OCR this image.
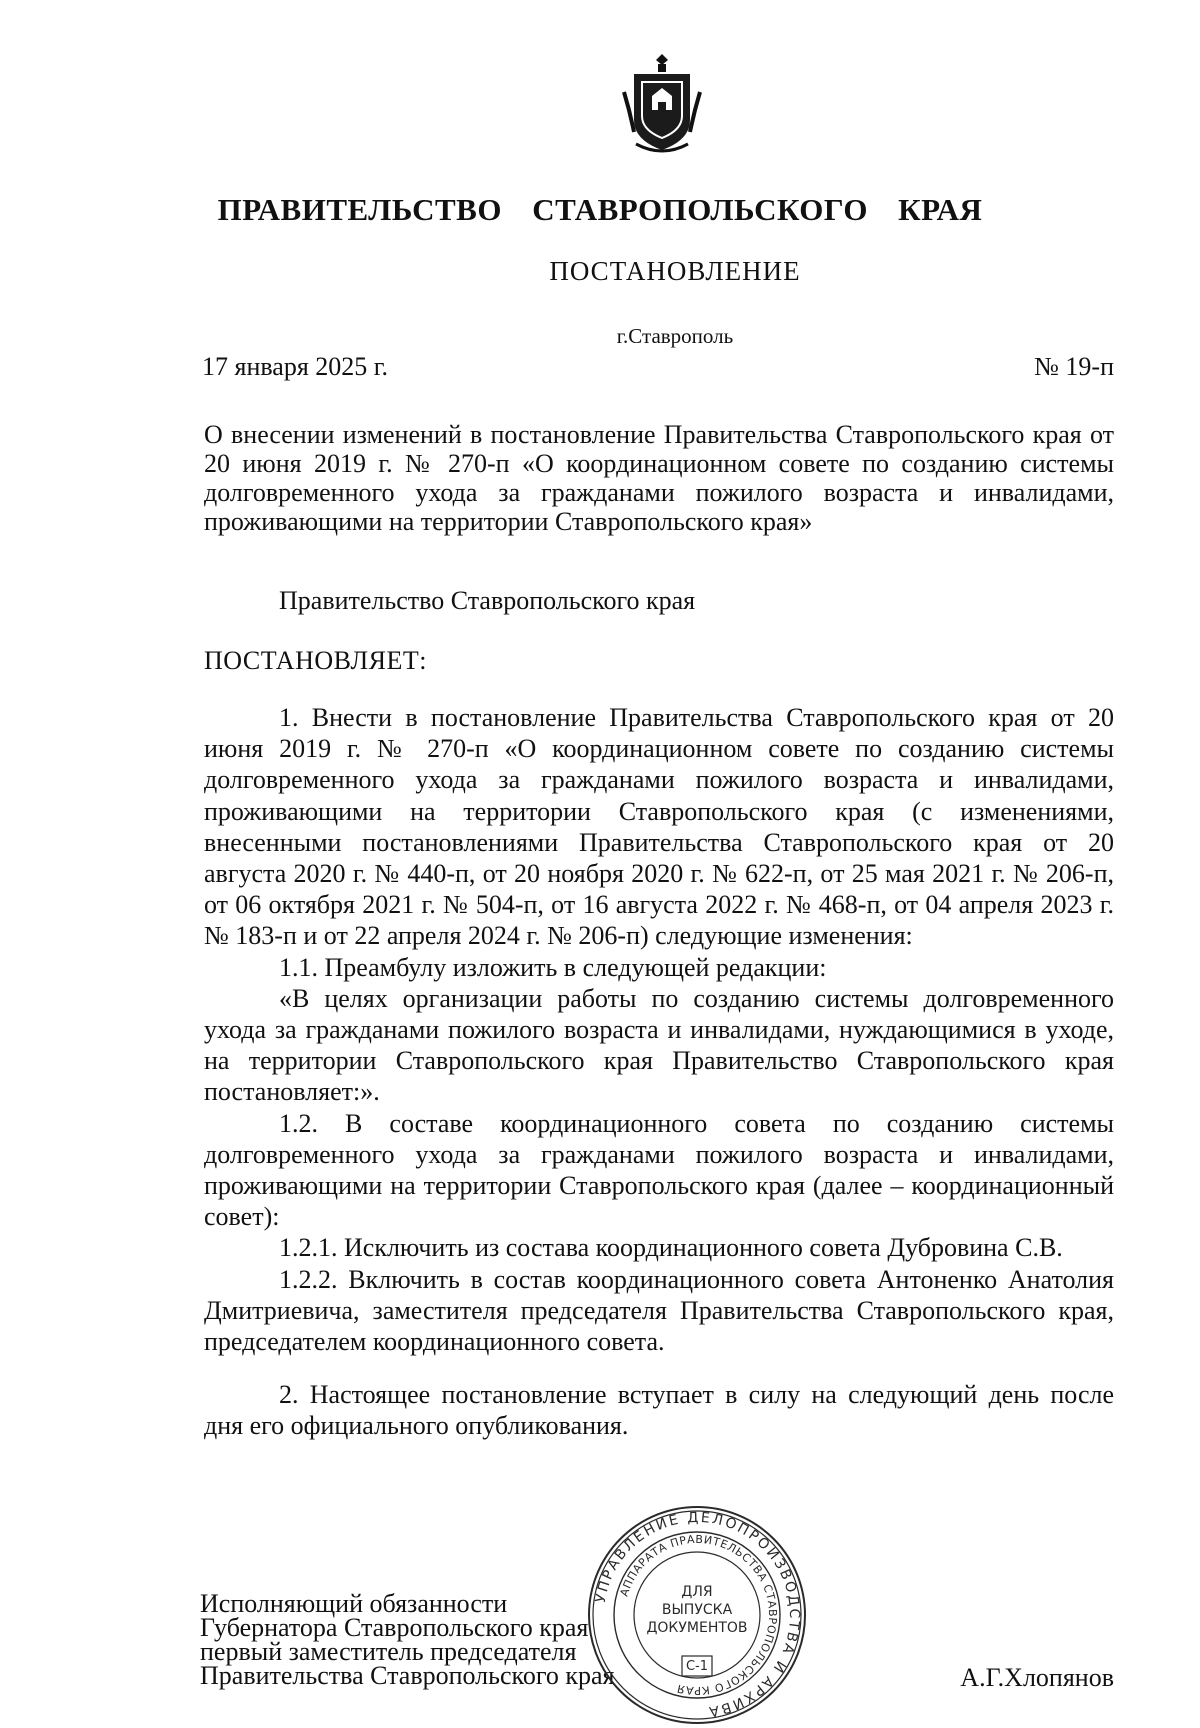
ПРАВИТЕЛЬСТВО СТАВРОПОЛЬСКОГО КРАЯ
ПОСТАНОВЛЕНИЕ
г.Ставрополь
17 января 2025 г.	№ 19-п
О внесении изменений в постановление Правительства Ставропольского края от 20 июня 2019 г. № 270-п «О координационном совете по созданию системы долговременного ухода за гражданами пожилого возраста и инвалидами, проживающими на территории Ставропольского края»
Правительство Ставропольского края
ПОСТАНОВЛЯЕТ:

1. Внести в постановление Правительства Ставропольского края от 20 июня 2019 г. № 270-п «О координационном совете по созданию системы долговременного ухода за гражданами пожилого возраста и инвалидами, проживающими на территории Ставропольского края (с изменениями, внесенными постановлениями Правительства Ставропольского края от 20 августа 2020 г. № 440-п, от 20 ноября 2020 г. № 622-п, от 25 мая 2021 г. № 206-п, от 06 октября 2021 г. № 504-п, от 16 августа 2022 г. № 468-п, от 04 апреля 2023 г. № 183-п и от 22 апреля 2024 г. № 206-п) следующие изменения:

1.1. Преамбулу изложить в следующей редакции:

«В целях организации работы по созданию системы долговременного ухода за гражданами пожилого возраста и инвалидами, нуждающимися в уходе, на территории Ставропольского края Правительство Ставропольского края постановляет:».

1.2. В составе координационного совета по созданию системы долговременного ухода за гражданами пожилого возраста и инвалидами, проживающими на территории Ставропольского края (далее – координационный совет):

1.2.1. Исключить из состава координационного совета Дубровина С.В.

1.2.2. Включить в состав координационного совета Антоненко Анатолия Дмитриевича, заместителя председателя Правительства Ставропольского края, председателем координационного совета.

2. Настоящее постановление вступает в силу на следующий день после дня его официального опубликования.

Исполняющий обязанности
Губернатора Ставропольского края
первый заместитель председателя
Правительства Ставропольского края	А.Г.Хлопянов
УПРАВЛЕНИЕ ДЕЛОПРОИЗВОДСТВА И АРХИВА
АППАРАТА ПРАВИТЕЛЬСТВА СТАВРОПОЛЬСКОГО КРАЯ
ДЛЯ
ВЫПУСКА
ДОКУМЕНТОВ
С-1
